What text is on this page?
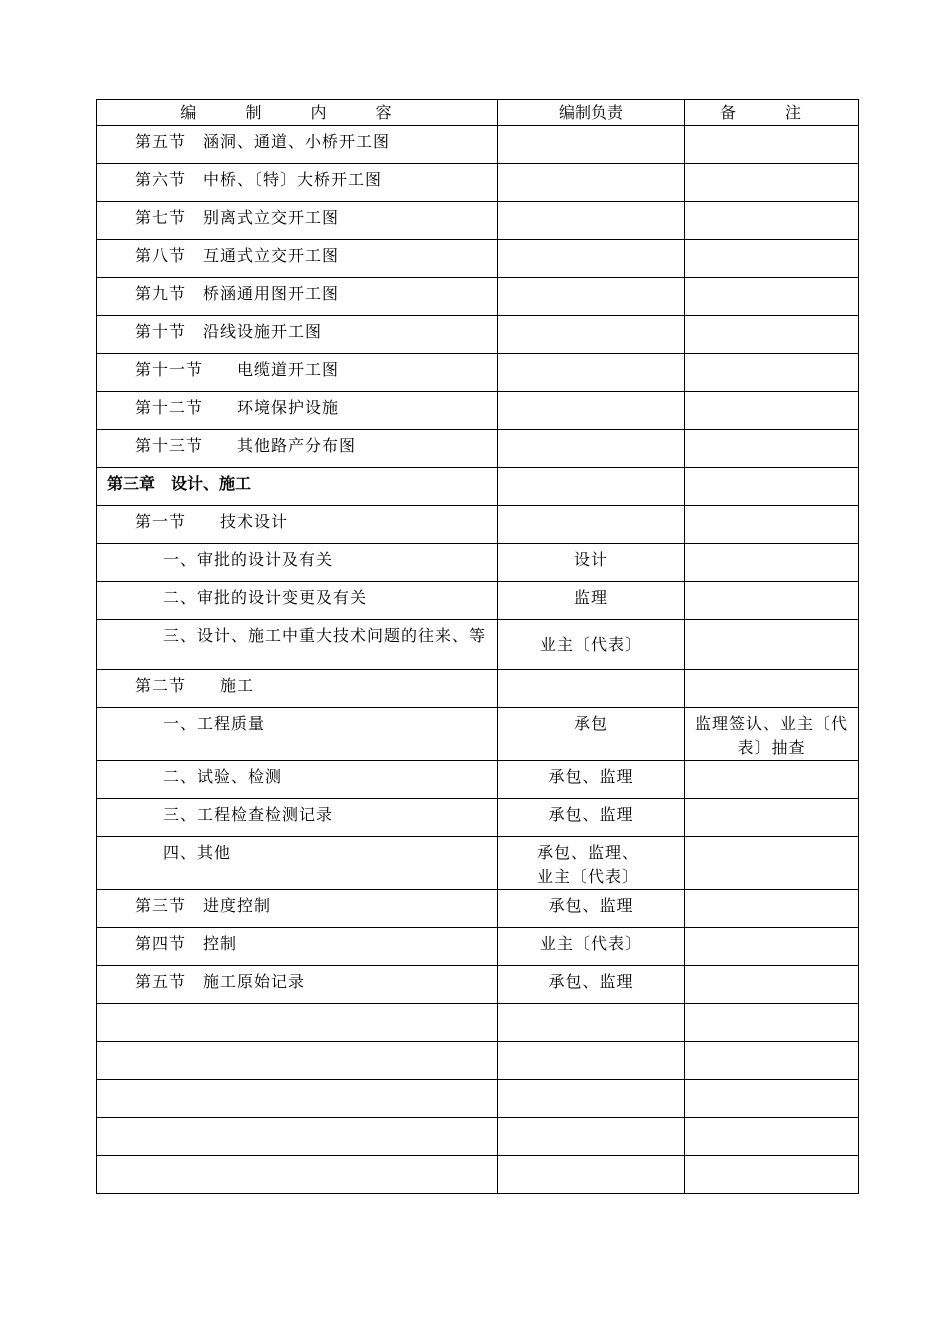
编 制 内 容	编制负责	备 注
第五节　涵洞、通道、小桥开工图		
第六节　中桥、〔特〕大桥开工图		
第七节　别离式立交开工图		
第八节　互通式立交开工图		
第九节　桥涵通用图开工图		
第十节　沿线设施开工图		
第十一节　　电缆道开工图		
第十二节　　环境保护设施		
第十三节　　其他路产分布图		
第三章　设计、施工		
第一节　　技术设计		
一、审批的设计及有关	设计	
二、审批的设计变更及有关	监理	
三、设计、施工中重大技术问题的往来、等	业主〔代表〕	
第二节　　施工		
一、工程质量	承包	监理签认、业主〔代表〕抽查
二、试验、检测	承包、监理	
三、工程检查检测记录	承包、监理	
四、其他	承包、监理、业主〔代表〕	
第三节　进度控制	承包、监理	
第四节　控制	业主〔代表〕	
第五节　施工原始记录	承包、监理	
